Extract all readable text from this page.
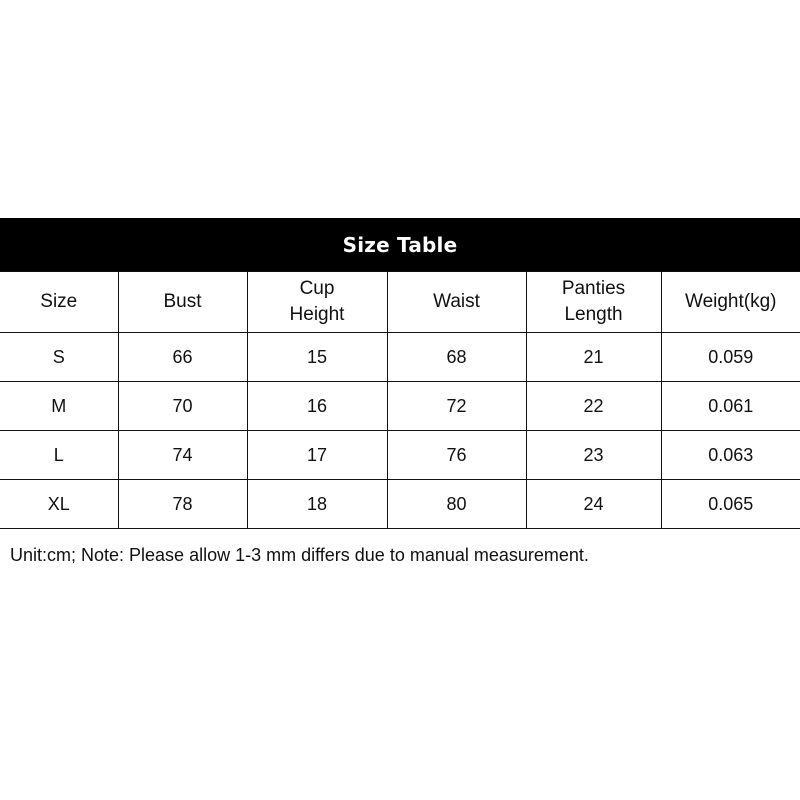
Size Table
Size	Bust	Cup Height	Waist	Panties Length	Weight(kg)
S	66	15	68	21	0.059
M	70	16	72	22	0.061
L	74	17	76	23	0.063
XL	78	18	80	24	0.065
Unit:cm; Note: Please allow 1-3 mm differs due to manual measurement.
